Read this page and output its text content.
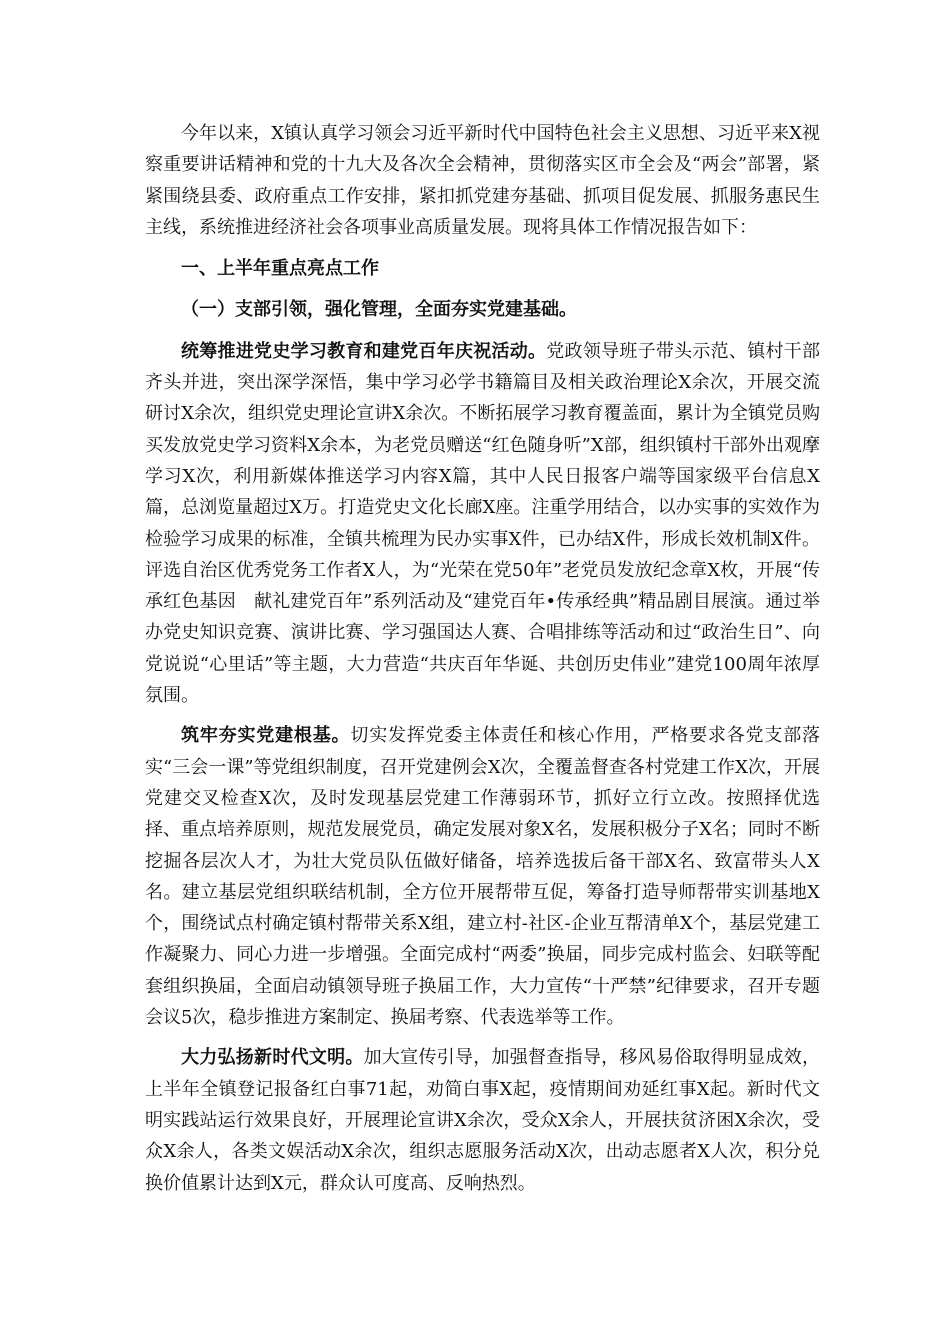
今年以来，X镇认真学习领会习近平新时代中国特色社会主义思想、习近平来X视察重要讲话精神和党的十九大及各次全会精神，贯彻落实区市全会及“两会”部署，紧紧围绕县委、政府重点工作安排，紧扣抓党建夯基础、抓项目促发展、抓服务惠民生主线，系统推进经济社会各项事业高质量发展。现将具体工作情况报告如下：

一、上半年重点亮点工作

（一）支部引领，强化管理，全面夯实党建基础。

统筹推进党史学习教育和建党百年庆祝活动。党政领导班子带头示范、镇村干部齐头并进，突出深学深悟，集中学习必学书籍篇目及相关政治理论X余次，开展交流研讨X余次，组织党史理论宣讲X余次。不断拓展学习教育覆盖面，累计为全镇党员购买发放党史学习资料X余本，为老党员赠送“红色随身听”X部，组织镇村干部外出观摩学习X次，利用新媒体推送学习内容X篇，其中人民日报客户端等国家级平台信息X篇，总浏览量超过X万。打造党史文化长廊X座。注重学用结合，以办实事的实效作为检验学习成果的标准，全镇共梳理为民办实事X件，已办结X件，形成长效机制X件。评选自治区优秀党务工作者X人，为“光荣在党50年”老党员发放纪念章X枚，开展“传承红色基因　献礼建党百年”系列活动及“建党百年•传承经典”精品剧目展演。通过举办党史知识竞赛、演讲比赛、学习强国达人赛、合唱排练等活动和过“政治生日”、向党说说“心里话”等主题，大力营造“共庆百年华诞、共创历史伟业”建党100周年浓厚氛围。

筑牢夯实党建根基。切实发挥党委主体责任和核心作用，严格要求各党支部落实“三会一课”等党组织制度，召开党建例会X次，全覆盖督查各村党建工作X次，开展党建交叉检查X次，及时发现基层党建工作薄弱环节，抓好立行立改。按照择优选择、重点培养原则，规范发展党员，确定发展对象X名，发展积极分子X名；同时不断挖掘各层次人才，为壮大党员队伍做好储备，培养选拔后备干部X名、致富带头人X名。建立基层党组织联结机制，全方位开展帮带互促，筹备打造导师帮带实训基地X个，围绕试点村确定镇村帮带关系X组，建立村-社区-企业互帮清单X个，基层党建工作凝聚力、同心力进一步增强。全面完成村“两委”换届，同步完成村监会、妇联等配套组织换届，全面启动镇领导班子换届工作，大力宣传“十严禁”纪律要求，召开专题会议5次，稳步推进方案制定、换届考察、代表选举等工作。

大力弘扬新时代文明。加大宣传引导，加强督查指导，移风易俗取得明显成效，上半年全镇登记报备红白事71起，劝简白事X起，疫情期间劝延红事X起。新时代文明实践站运行效果良好，开展理论宣讲X余次，受众X余人，开展扶贫济困X余次，受众X余人，各类文娱活动X余次，组织志愿服务活动X次，出动志愿者X人次，积分兑换价值累计达到X元，群众认可度高、反响热烈。
